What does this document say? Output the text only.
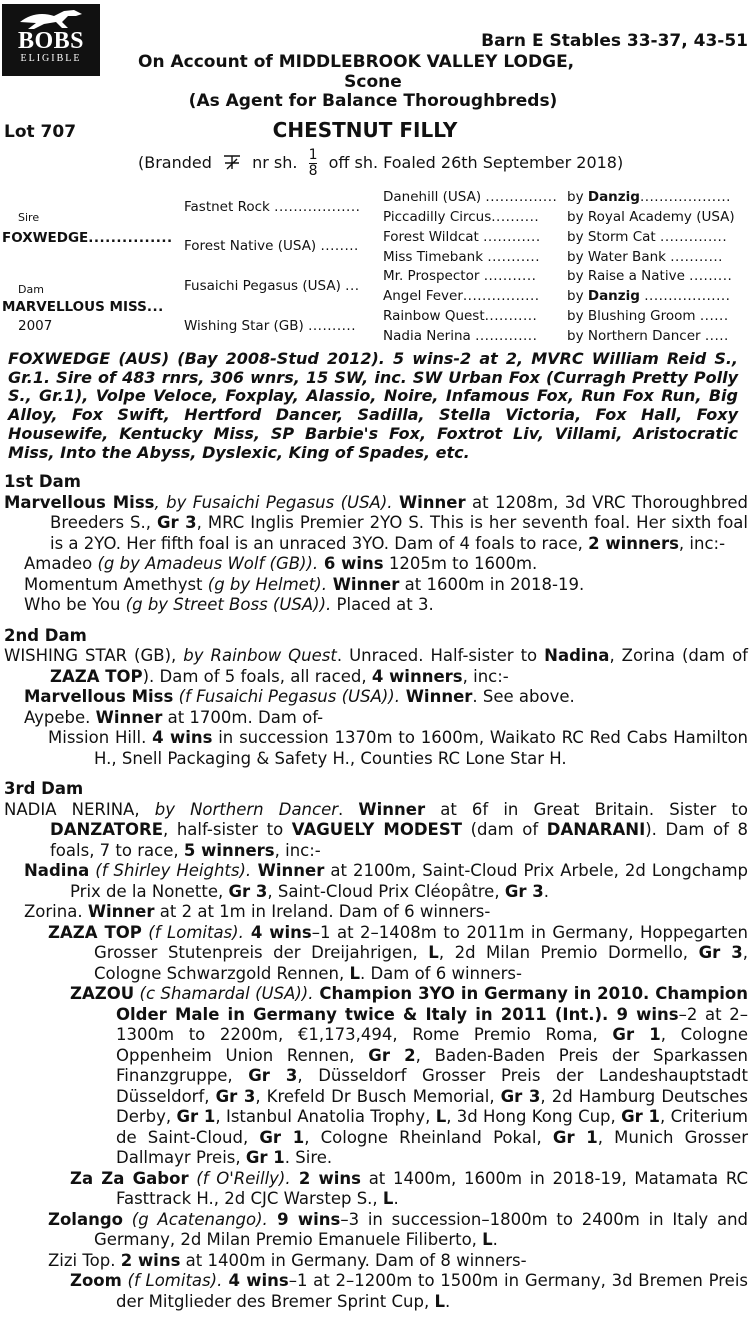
BOBS
ELIGIBLE
Barn E Stables 33-37, 43-51
On Account of MIDDLEBROOK VALLEY LODGE,
Scone
(As Agent for Balance Thoroughbreds)
Lot 707	CHESTNUT FILLY
(Branded	nr sh. $\frac{1}{8}$ off sh. Foaled 26th September 2018)
Sire
FOXWEDGE...............
Dam
MARVELLOUS MISS...
2007
Fastnet Rock ..................
Forest Native (USA) ........
Fusaichi Pegasus (USA) ...
Wishing Star (GB) ..........
Danehill (USA) ...............
Piccadilly Circus..........
Forest Wildcat ............
Miss Timebank ...........
Mr. Prospector ...........
Angel Fever................
Rainbow Quest...........
Nadia Nerina .............
by Danzig...................
by Royal Academy (USA)
by Storm Cat ..............
by Water Bank ...........
by Raise a Native .........
by Danzig ..................
by Blushing Groom ......
by Northern Dancer .....
FOXWEDGE (AUS) (Bay 2008-Stud 2012). 5 wins-2 at 2, MVRC William Reid S., Gr.1. Sire of 483 rnrs, 306 wnrs, 15 SW, inc. SW Urban Fox (Curragh Pretty Polly S., Gr.1), Volpe Veloce, Foxplay, Alassio, Noire, Infamous Fox, Run Fox Run, Big Alloy, Fox Swift, Hertford Dancer, Sadilla, Stella Victoria, Fox Hall, Foxy Housewife, Kentucky Miss, SP Barbie's Fox, Foxtrot Liv, Villami, Aristocratic Miss, Into the Abyss, Dyslexic, King of Spades, etc.

1st Dam

Marvellous Miss, by Fusaichi Pegasus (USA). Winner at 1208m, 3d VRC Thoroughbred Breeders S., Gr 3, MRC Inglis Premier 2YO S. This is her seventh foal. Her sixth foal is a 2YO. Her fifth foal is an unraced 3YO. Dam of 4 foals to race, 2 winners, inc:-

Amadeo (g by Amadeus Wolf (GB)). 6 wins 1205m to 1600m.

Momentum Amethyst (g by Helmet). Winner at 1600m in 2018-19.

Who be You (g by Street Boss (USA)). Placed at 3.

2nd Dam

WISHING STAR (GB), by Rainbow Quest. Unraced. Half-sister to Nadina, Zorina (dam of ZAZA TOP). Dam of 5 foals, all raced, 4 winners, inc:-

Marvellous Miss (f Fusaichi Pegasus (USA)). Winner. See above.

Aypebe. Winner at 1700m. Dam of-

Mission Hill. 4 wins in succession 1370m to 1600m, Waikato RC Red Cabs Hamilton H., Snell Packaging & Safety H., Counties RC Lone Star H.

3rd Dam

NADIA NERINA, by Northern Dancer. Winner at 6f in Great Britain. Sister to DANZATORE, half-sister to VAGUELY MODEST (dam of DANARANI). Dam of 8 foals, 7 to race, 5 winners, inc:-

Nadina (f Shirley Heights). Winner at 2100m, Saint-Cloud Prix Arbele, 2d Longchamp Prix de la Nonette, Gr 3, Saint-Cloud Prix Cléopâtre, Gr 3.

Zorina. Winner at 2 at 1m in Ireland. Dam of 6 winners-

ZAZA TOP (f Lomitas). 4 wins–1 at 2–1408m to 2011m in Germany, Hoppegarten Grosser Stutenpreis der Dreijahrigen, L, 2d Milan Premio Dormello, Gr 3, Cologne Schwarzgold Rennen, L. Dam of 6 winners-

ZAZOU (c Shamardal (USA)). Champion 3YO in Germany in 2010. Champion Older Male in Germany twice & Italy in 2011 (Int.). 9 wins–2 at 2–1300m to 2200m, €1,173,494, Rome Premio Roma, Gr 1, Cologne Oppenheim Union Rennen, Gr 2, Baden-Baden Preis der Sparkassen Finanzgruppe, Gr 3, Düsseldorf Grosser Preis der Landeshauptstadt Düsseldorf, Gr 3, Krefeld Dr Busch Memorial, Gr 3, 2d Hamburg Deutsches Derby, Gr 1, Istanbul Anatolia Trophy, L, 3d Hong Kong Cup, Gr 1, Criterium de Saint-Cloud, Gr 1, Cologne Rheinland Pokal, Gr 1, Munich Grosser Dallmayr Preis, Gr 1. Sire.

Za Za Gabor (f O'Reilly). 2 wins at 1400m, 1600m in 2018-19, Matamata RC Fasttrack H., 2d CJC Warstep S., L.

Zolango (g Acatenango). 9 wins–3 in succession–1800m to 2400m in Italy and Germany, 2d Milan Premio Emanuele Filiberto, L.

Zizi Top. 2 wins at 1400m in Germany. Dam of 8 winners-

Zoom (f Lomitas). 4 wins–1 at 2–1200m to 1500m in Germany, 3d Bremen Preis der Mitglieder des Bremer Sprint Cup, L.
